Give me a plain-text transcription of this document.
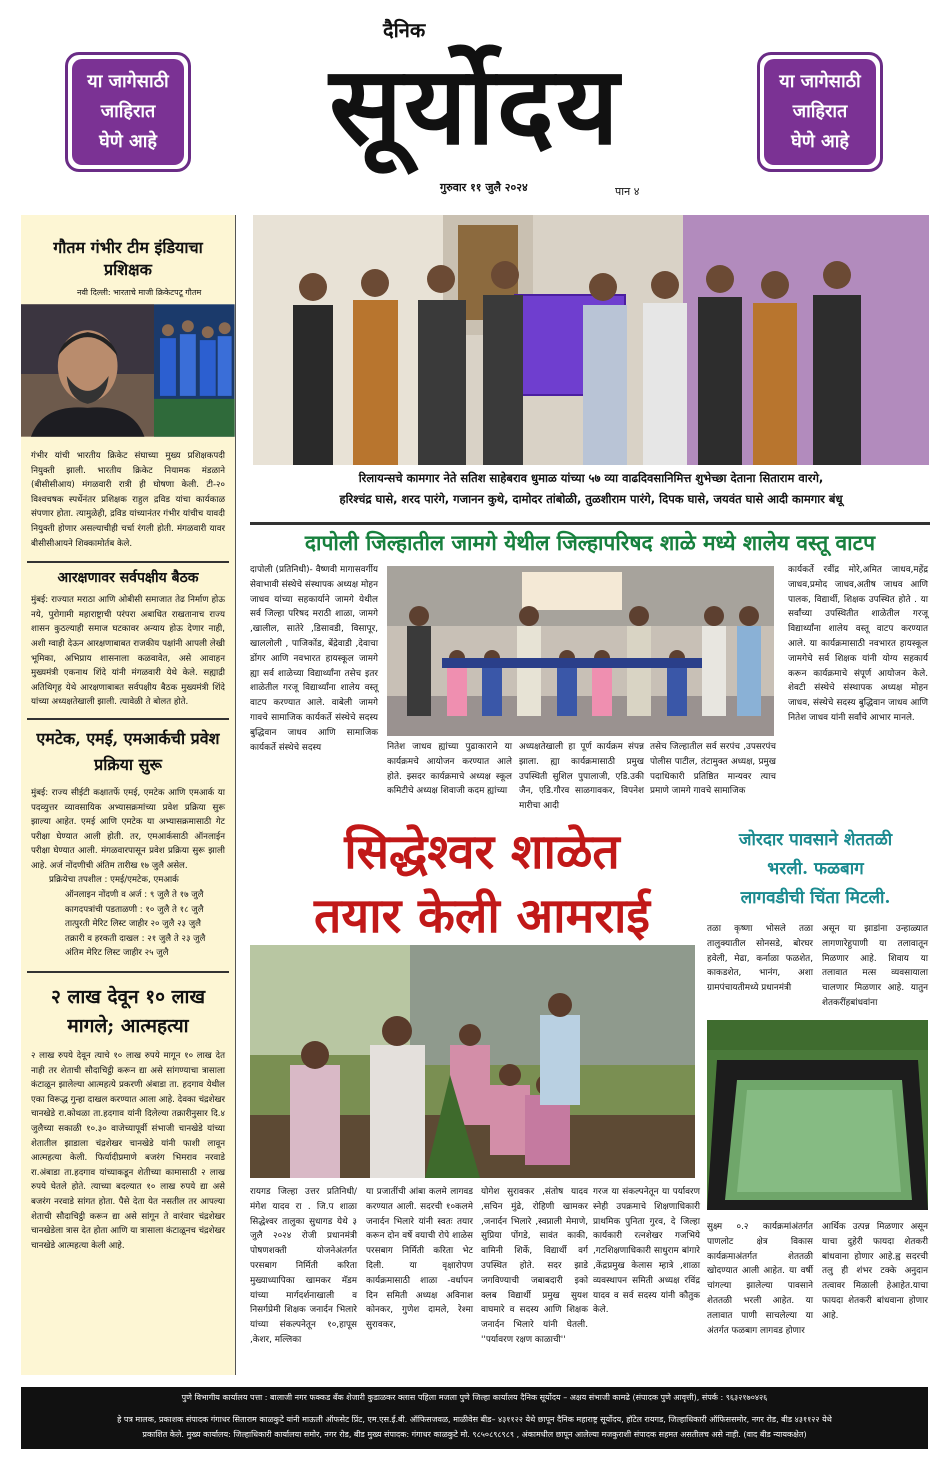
या जागेसाठी
जाहिरात
घेणे आहे
या जागेसाठी
जाहिरात
घेणे आहे
दैनिक
सूर्योदय
गुरुवार ११ जुलै २०२४	पान ४
गौतम गंभीर टीम इंडियाचा प्रशिक्षक
नवी दिल्ली: भारताचे माजी क्रिकेटपटू गौतम
गंभीर यांची भारतीय क्रिकेट संघाच्या मुख्य प्रशिक्षकपदी नियुक्ती झाली. भारतीय क्रिकेट नियामक मंडळाने (बीसीसीआय) मंगळवारी रात्री ही घोषणा केली. टी-२० विश्वचषक स्पर्धेनंतर प्रशिक्षक राहुल द्रविड यांचा कार्यकाळ संपणार होता. त्यामुळेही, द्रविड यांच्यानंतर गंभीर यांचीच यावदी नियुक्ती होणार असल्याचीही चर्चा रंगली होती. मंगळवारी यावर बीसीसीआयने शिक्कामोर्तब केले.
आरक्षणावर सर्वपक्षीय बैठक
मुंबई: राज्यात मराठा आणि ओबीसी समाजात तेढ निर्माण होऊ नये, पुरोगामी महाराष्ट्राची परंपरा अबाधित राखतानाच राज्य शासन कुठल्याही समाज घटकावर अन्याय होऊ देणार नाही, अशी ग्वाही देऊन आरक्षणाबाबत राजकीय पक्षांनी आपली लेखी भूमिका, अभिप्राय शासनाला कळवावेत, असे आवाहन मुख्यमंत्री एकनाथ शिंदे यांनी मंगळवारी येथे केले. सह्याद्री अतिथिगृह येथे आरक्षणाबाबत सर्वपक्षीय बैठक मुख्यमंत्री शिंदे यांच्या अध्यक्षतेखाली झाली. त्यावेळी ते बोलत होते.
एमटेक, एमई, एमआर्कची प्रवेश प्रक्रिया सुरू
मुंबई: राज्य सीईटी कक्षातर्फे एमई, एमटेक आणि एमआर्क या पदव्युत्तर व्यावसायिक अभ्यासक्रमांच्या प्रवेश प्रक्रिया सुरू झाल्या आहेत. एमई आणि एमटेक या अभ्यासक्रमासाठी गेट परीक्षा घेण्यात आली होती. तर, एमआर्कसाठी ऑनलाईन परीक्षा घेण्यात आली. मंगळवारपासून प्रवेश प्रक्रिया सुरू झाली आहे. अर्ज नोंदणीची अंतिम तारीख १७ जुलै असेल.
प्रक्रियेचा तपशील : एमई/एमटेक, एमआर्क
ऑनलाइन नोंदणी व अर्ज : ९ जुलै ते १७ जुलै
कागदपत्रांची पडताळणी : १० जुलै ते १८ जुलै
तात्पुरती मेरिट लिस्ट जाहीर २० जुलै २३ जुलै
तक्रारी व हरकती दाखल : २१ जुलै ते २३ जुलै
अंतिम मेरिट लिस्ट जाहीर २५ जुलै
२ लाख देवून १० लाख मागले; आत्महत्या
२ लाख रुपये देवून त्याचे १० लाख रुपये मागून १० लाख देत नाही तर शेताची सौदाचिट्ठी करून द्या असे सांगण्याचा त्रासाला कंटाळून झालेल्या आत्महत्ये प्रकरणी अंबाडा ता. हदगाव येथील एका विरूद्ध गुन्हा दाखल करण्यात आला आहे. देवका चंद्रशेखर चानखेडे रा.कोथळा ता.हदगाव यांनी दिलेल्या तक्रारीनुसार दि.४ जुलैच्या सकाळी १०.३० वाजेच्यापूर्वी संभाजी चानखेडे यांच्या शेतातील झाडाला चंद्रशेखर चानखेडे यांनी फाशी लावून आत्महत्या केली. फिर्यादीप्रमाणे बजरंग भिमराव नरवाडे रा.अंबाडा ता.हदगाव यांच्याकडून शेतीच्या कामासाठी २ लाख रुपये घेतले होते. त्याच्या बदल्यात १० लाख रुपये द्या असे बजरंग नरवाडे सांगत होता. पैसे देता येत नसतील तर आपल्या शेताची सौदाचिट्ठी करून द्या असे सांगून ते वारंवार चंद्रशेखर चानखेडेला त्रास देत होता आणि या त्रासाला कंटाळूनच चंद्रशेखर चानखेडे आत्महत्या केली आहे.
रिलायन्सचे कामगार नेते सतिश साहेबराव धुमाळ यांच्या ५७ व्या वाढदिवसानिमित्त शुभेच्छा देताना सिताराम वारगे,
हरिश्चंद्र घासे, शरद पारंगे, गजानन कुथे, दामोदर तांबोळी, तुळशीराम पारंगे, दिपक घासे, जयवंत घासे आदी कामगार बंधू
दापोली जिल्हातील जामगे येथील जिल्हापरिषद शाळे मध्ये शालेय वस्तू वाटप
दापोली (प्रतिनिधी)- वैष्णवी मागासवर्गीय सेवाभावी संस्थेचे संस्थापक अध्यक्ष मोहन जाधव यांच्या सहकार्याने जामगे येथील सर्व जिल्हा परिषद मराठी शाळा, जामगे ,खालील, सातेरे ,डिसावडी, विसापूर, खाललोली , पाजिकोंड, बेंद्रेवाडी ,देवाचा डोंगर आणि नवभारत हायस्कूल जामगे ह्या सर्व शाळेच्या विद्यार्थ्यांना तसेच इतर शाळेतील गरजू विद्यार्थ्यांना शालेय वस्तू वाटप करण्यात आले. वाबेली जामगे गावचे सामाजिक कार्यकर्ते संस्थेचे सदस्य बुद्धिवान जाधव आणि सामाजिक कार्यकर्ते संस्थेचे सदस्य	नितेश जाधव ह्यांच्या पुढाकाराने या कार्यक्रमचे आयोजन करण्यात आले होते. झ्सदर कार्यक्रमाचे अध्यक्ष स्कूल कमिटीचे अध्यक्ष शिवाजी कदम ह्यांच्या
अध्यक्षतेखाली हा पूर्ण कार्यक्रम संपन्न झाला. ह्या कार्यक्रमासाठी प्रमुख उपस्थिती सुशिल पुपालाजी, एडि.उकी जैन, एडि.गौरव साळगावकर, विपनेश मारीचा आदी
तसेच जिल्हातील सर्व सरपंच ,उपसरपंच पोलीस पाटील, तंटामुक्त अध्यक्ष, प्रमुख पदाधिकारी प्रतिष्ठित मान्यवर त्याच प्रमाणे जामगे गावचे सामाजिक
कार्यकर्ते रवींद्र मोरे,अमित जाधव,महेंद्र जाधव,प्रमोद जाधव,अतीष जाधव आणि पालक, विद्यार्थी, शिक्षक उपस्थित होते . या सर्वांच्या उपस्थितीत शाळेतील गरजू विद्यार्थ्यांना शालेय वस्तू वाटप करण्यात आले. या कार्यक्रमासाठी नवभारत हायस्कूल जामगेचे सर्व शिक्षक यांनी योग्य सहकार्य करून कार्यक्रमाचे संपूर्ण आयोजन केले. शेवटी संस्थेचे संस्थापक अध्यक्ष मोहन जाधव, संस्थेचे सदस्य बुद्धिवान जाधव आणि नितेश जाधव यांनी सर्वांचे आभार मानले.
सिद्धेश्वर शाळेत
तयार केली आमराई
रायगड जिल्हा उत्तर प्रतिनिधी/मंगेश यादव रा . जि.प शाळा सिद्धेश्वर तालुका सुधागड येथे ३ जुलै २०२४ रोजी प्रधानमंत्री पोषणशक्ती योजनेअंतर्गत परसबाग निर्मिती करिता मुख्याध्यापिका खामकर मॅडम यांच्या मार्गदर्शनाखाली व निसर्गप्रेमी शिक्षक जनार्दन भिलारे यांच्या संकल्पनेतून १०,हापूस ,केशर, मल्लिका
या प्रजातींची आंबा कलमे लागवड करण्यात आली. सदरची १०कलमे जनार्दन भिलारे यांनी स्वतः तयार करून दोन वर्षे वयाची रोपे शाळेस परसबाग निर्मिती करिता भेट दिली. या वृक्षारोपण कार्यक्रमासाठी शाळा -वर्धापन दिन समिती अध्यक्ष अविनाश कोनकर, गुणेश दामले, रेश्मा सुरावकर,
योगेश सुरावकर ,संतोष यादव ,सचिन मुंढे, रोहिणी खामकर ,जनार्दन भिलारे ,स्वप्नाली मेमाणे, सुप्रिया पोंगडे, सावंत काकी, वामिनी शिर्के, विद्यार्थी वर्ग उपस्थित होते. सदर झाडे जगविण्याची जबाबदारी इको क्लब विद्यार्थी प्रमुख सुयश वाघमारे व सदस्य आणि शिक्षक जनार्दन भिलारे यांनी घेतली. ''पर्यावरण रक्षण काळाची''
गरज या संकल्पनेतून या पर्यावरण स्नेही उपक्रमाचे शिक्षणाधिकारी प्राथमिक पुनिता गुरव, दे जिल्हा कार्यकारी रत्नशेखर गजभिये ,गटशिक्षणाधिकारी साधुराम बांगारे ,केंद्रप्रमुख केलास म्हात्रे ,शाळा व्यवस्थापन समिती अध्यक्ष रविंद्र यादव व सर्व सदस्य यांनी कौतुक केले.
जोरदार पावसाने शेततळी
भरली. फळबाग
लागवडीची चिंता मिटली.
तळा कृष्णा भोसले तळा तालुक्यातील सोनसडे, बोरघर हवेली, मेढा, कर्नाळा फळशेत, काकडशेत, भानंग, अशा ग्रामपंचायतीमध्ये प्रधानमंत्री
असून या झाडांना उन्हाळ्यात लागणारेहुपाणी या तलावातून मिळणार आहे. शिवाय या तलावात मत्स व्यवसायाला चालणार मिळणार आहे. यातुन शेतकरींहबांधवांना
सुक्ष्म ०.२ कार्यक्रमांअंतर्गत पाणलोट क्षेत्र विकास कार्यक्रमाअंतर्गत शेततळी खोदण्यात आली आहेत. या वर्षी चांगल्या झालेल्या पावसाने शेततळी भरली आहेत. या तलावात पाणी साचलेल्या या अंतर्गत फळबाग लागवड होणार
आर्थिक उत्पन्न मिळणार असून याचा दुहेरी फायदा शेतकरी बांधवाना होणार आहे.ह्व सदरची तलु ही शंभर टक्के अनुदान तत्वावर मिळाली हेआहेत.याचा फायदा शेतकरी बांधवाना होणार आहे.
पुणे विभागीय कार्यालय पत्ता : बालाजी नगर फक्कड बँक शेजारी कुडाळकर क्लास पहिला मजला पुणे जिल्हा कार्यालय दैनिक सूर्योदय – अक्षय संभाजी कामढे (संपादक पुणे आवृत्ती), संपर्क : ९६३२१७०४२६
हे पत्र मालक, प्रकाशक संपादक गंगाधर सिताराम काळकुटे यांनी माऊली ऑफसेट प्रिंट, एम.एस.ई.बी. ऑफिसजवळ, माळीवेस बीड– ४३११२२ येथे छापून दैनिक महाराष्ट्र सूर्योदय, हॉटेल रायगड, जिल्हाधिकारी ऑफिससमोर, नगर रोड, बीड ४३११२२ येथे
प्रकाशित केले. मुख्य कार्यालय: जिल्हाधिकारी कार्यालया समोर, नगर रोड, बीड मुख्य संपादक: गंगाधर काळकुटे मो. ९८५०८९८९८९ , अंकामधील छापून आलेल्या मजकुराशी संपादक सहमत असतीलच असे नाही. (वाद बीड न्यायकक्षेत)
